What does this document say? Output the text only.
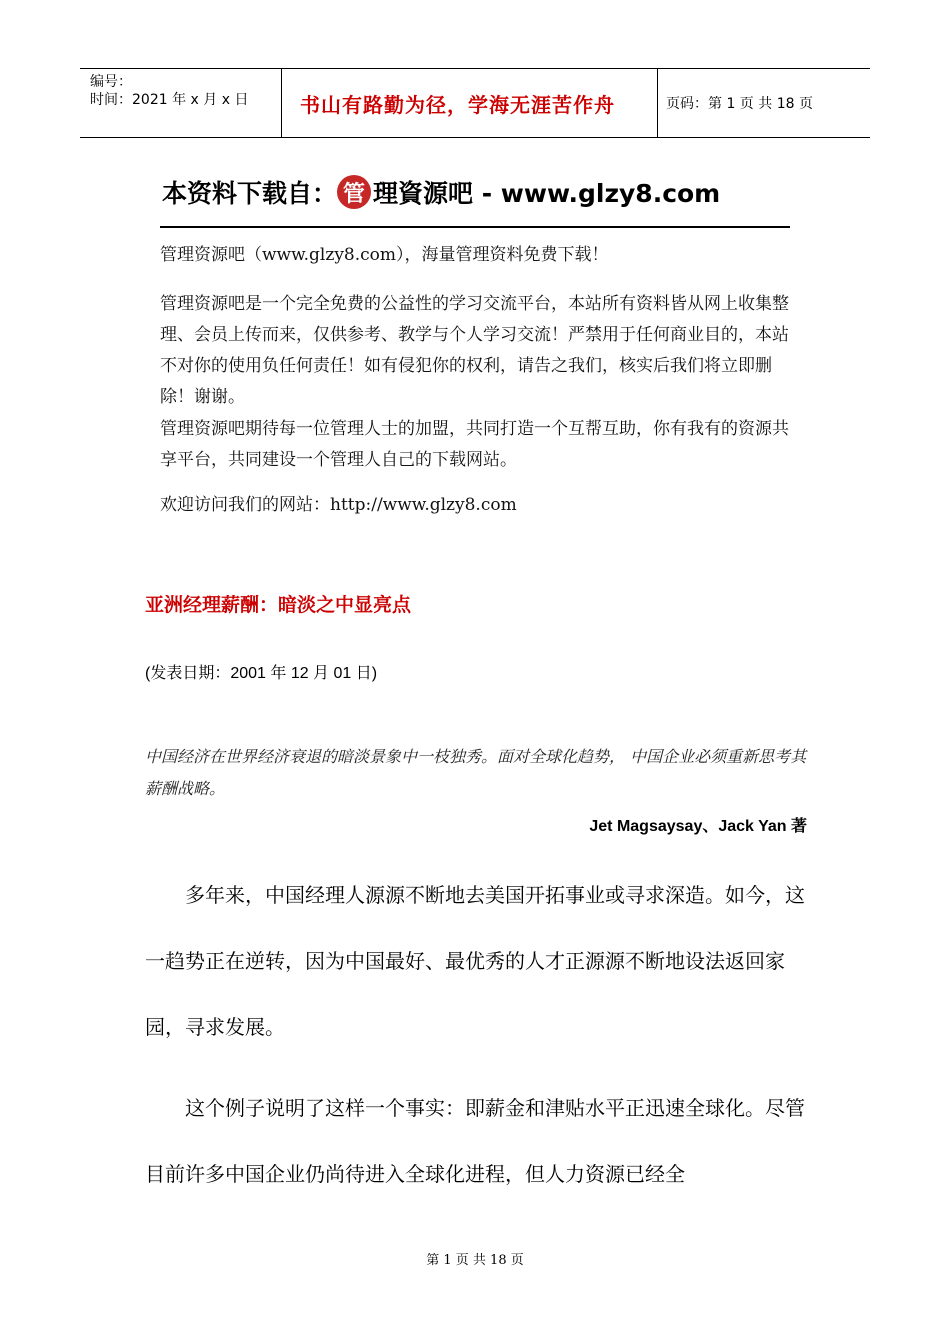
编号：
时间：2021 年 x 月 x 日	书山有路勤为径，学海无涯苦作舟	页码：第 1 页 共 18 页
本资料下载自： 管 理資源吧 - www.glzy8.com

管理资源吧（www.glzy8.com），海量管理资料免费下载！

管理资源吧是一个完全免费的公益性的学习交流平台，本站所有资料皆从网上收集整理、会员上传而来，仅供参考、教学与个人学习交流！严禁用于任何商业目的，本站不对你的使用负任何责任！如有侵犯你的权利，请告之我们，核实后我们将立即删除！谢谢。

管理资源吧期待每一位管理人士的加盟，共同打造一个互帮互助，你有我有的资源共享平台，共同建设一个管理人自己的下载网站。

欢迎访问我们的网站：http://www.glzy8.com

亚洲经理薪酬：暗淡之中显亮点
(发表日期：2001 年 12 月 01 日)
中国经济在世界经济衰退的暗淡景象中一枝独秀。面对全球化趋势， 中国企业必须重新思考其薪酬战略。
Jet Magsaysay、Jack Yan 著

多年来，中国经理人源源不断地去美国开拓事业或寻求深造。如今，这一趋势正在逆转，因为中国最好、最优秀的人才正源源不断地设法返回家园，寻求发展。

这个例子说明了这样一个事实：即薪金和津贴水平正迅速全球化。尽管目前许多中国企业仍尚待进入全球化进程，但人力资源已经全

第 1 页 共 18 页
